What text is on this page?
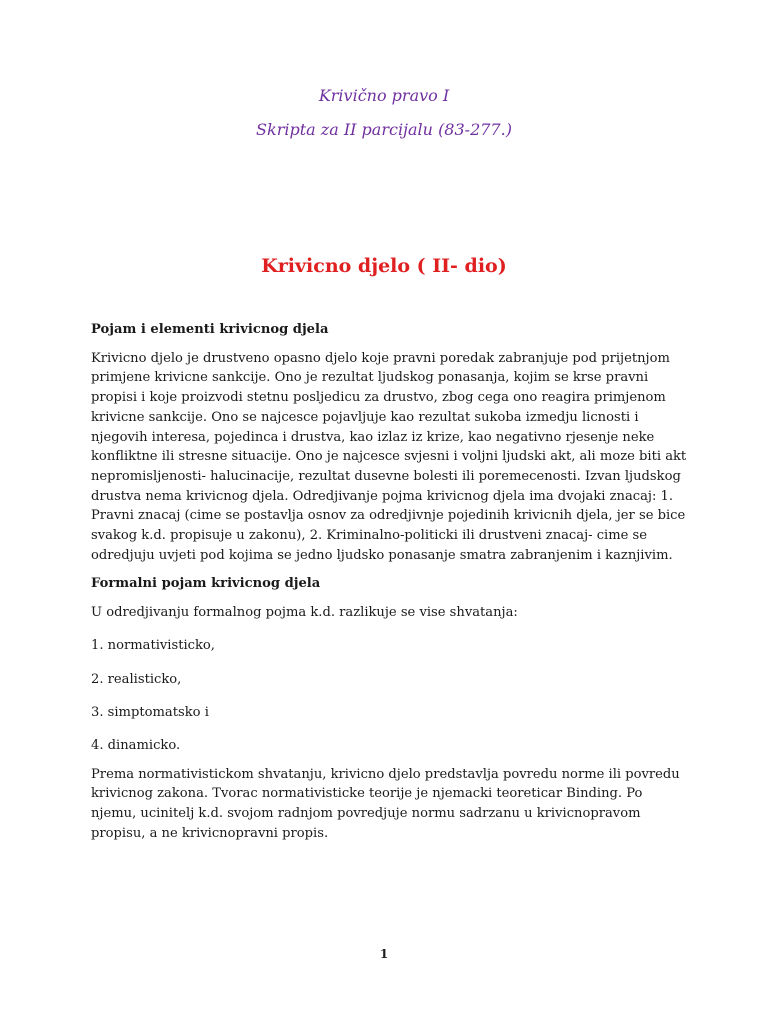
Krivično pravo I
Skripta za II parcijalu (83-277.)
Krivicno djelo ( II- dio)

Pojam i elementi krivicnog djela

Krivicno djelo je drustveno opasno djelo koje pravni poredak zabranjuje pod prijetnjom primjene krivicne sankcije. Ono je rezultat ljudskog ponasanja, kojim se krse pravni propisi i koje proizvodi stetnu posljedicu za drustvo, zbog cega ono reagira primjenom krivicne sankcije. Ono se najcesce pojavljuje kao rezultat sukoba izmedju licnosti i njegovih interesa, pojedinca i drustva, kao izlaz iz krize, kao negativno rjesenje neke konfliktne ili stresne situacije. Ono je najcesce svjesni i voljni ljudski akt, ali moze biti akt nepromisljenosti- halucinacije, rezultat dusevne bolesti ili poremecenosti. Izvan ljudskog drustva nema krivicnog djela. Odredjivanje pojma krivicnog djela ima dvojaki znacaj: 1. Pravni znacaj (cime se postavlja osnov za odredjivnje pojedinih krivicnih djela, jer se bice svakog k.d. propisuje u zakonu), 2. Kriminalno-politicki ili drustveni znacaj- cime se odredjuju uvjeti pod kojima se jedno ljudsko ponasanje smatra zabranjenim i kaznjivim.

Formalni pojam krivicnog djela

U odredjivanju formalnog pojma k.d. razlikuje se vise shvatanja:

1. normativisticko,

2. realisticko,

3. simptomatsko i

4. dinamicko.

Prema normativistickom shvatanju, krivicno djelo predstavlja povredu norme ili povredu krivicnog zakona. Tvorac normativisticke teorije je njemacki teoreticar Binding. Po njemu, ucinitelj k.d. svojom radnjom povredjuje normu sadrzanu u krivicnopravom propisu, a ne krivicnopravni propis.

1
